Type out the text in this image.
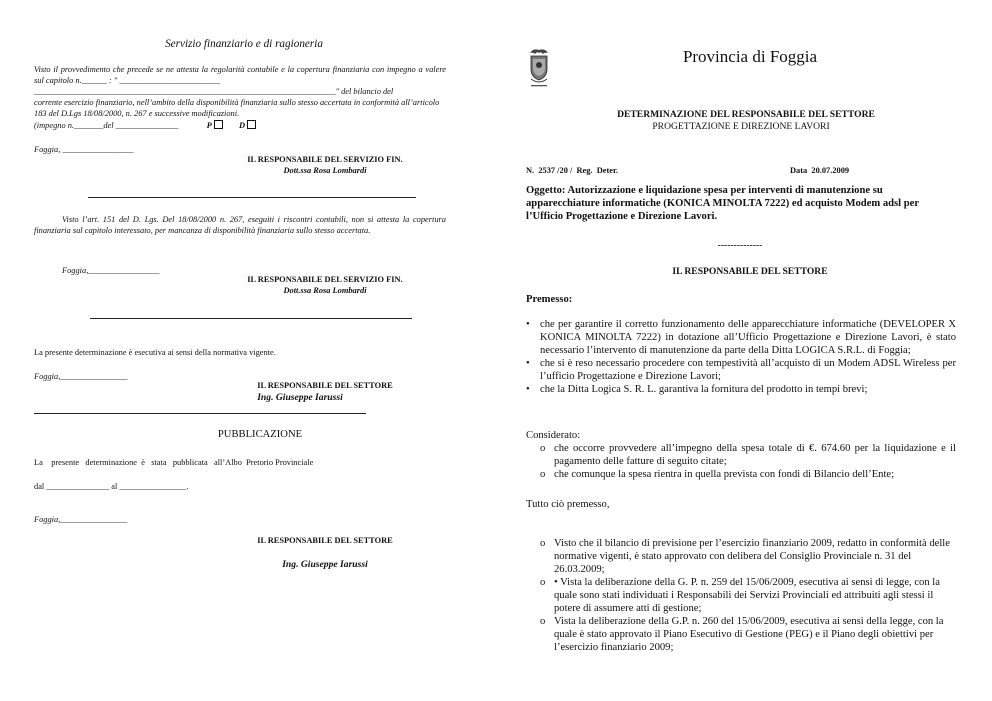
Servizio finanziario e di ragioneria

Visto il provvedimento che precede se ne attesta la regolarità contabile e la copertura finanziaria con impegno a valere sul capitolo n.______ : " ________________________

________________________________________________________________________" del bilancio del

corrente esercizio finanziario, nell’ambito della disponibilità finanziaria sullo stesso accertata in conformità all’articolo 183 del D.Lgs 18/08/2000, n. 267 e successive modificazioni.

(impegno n._______del _______________	P	D

Foggia, _________________

IL RESPONSABILE DEL SERVIZIO FIN.

Dott.ssa Rosa Lombardi

Visto l’art. 151 del D. Lgs. Del 18/08/2000 n. 267, eseguiti i riscontri contabili, non si attesta la copertura finanziaria sul capitolo interessato, per mancanza di disponibilità finanziaria sullo stesso accertata.

Foggia,_________________

IL RESPONSABILE DEL SERVIZIO FIN.

Dott.ssa Rosa Lombardi

La presente determinazione è esecutiva ai sensi della normativa vigente.

Foggia,________________

IL RESPONSABILE DEL SETTORE

Ing. Giuseppe Iarussi

PUBBLICAZIONE

La    presente   determinazione  è   stata   pubblicata   all’Albo  Pretorio Provinciale

dal _______________ al ________________.

Foggia,________________

IL RESPONSABILE DEL SETTORE

Ing. Giuseppe Iarussi

Provincia di Foggia

DETERMINAZIONE DEL RESPONSABILE DEL SETTORE

PROGETTAZIONE E DIREZIONE LAVORI

N.  2537 /20 /  Reg.  Deter.	Data  20.07.2009

Oggetto: Autorizzazione e liquidazione spesa per interventi di manutenzione su apparecchiature informatiche (KONICA MINOLTA 7222) ed acquisto Modem adsl per l’Ufficio Progettazione e Direzione Lavori.

--------------

IL RESPONSABILE DEL SETTORE

Premesso:

• che per garantire il corretto funzionamento delle apparecchiature informatiche (DEVELOPER X KONICA MINOLTA 7222) in dotazione all’Ufficio Progettazione e Direzione Lavori, è stato necessario l’intervento di manutenzione da parte della Ditta LOGICA S.R.L. di Foggia;
• che si è reso necessario procedere con tempestività all’acquisto di un Modem ADSL Wireless per l’ufficio Progettazione e Direzione Lavori;
• che la Ditta Logica S. R. L. garantiva la fornitura del prodotto in tempi brevi;

Considerato:

o che occorre provvedere all’impegno della spesa totale di €. 674.60 per la liquidazione e il pagamento delle fatture di seguito citate;
o che comunque la spesa rientra in quella prevista con fondi di Bilancio dell’Ente;

Tutto ciò premesso,

o Visto che il bilancio di previsione per l’esercizio finanziario 2009, redatto in conformità delle normative vigenti, è stato approvato con delibera del Consiglio Provinciale n. 31 del 26.03.2009;
o • Vista la deliberazione della G. P. n. 259 del 15/06/2009, esecutiva ai sensi di legge, con la quale sono stati individuati i Responsabili dei Servizi Provinciali ed attribuiti agli stessi il potere di assumere atti di gestione;
o Vista la deliberazione della G.P. n. 260 del 15/06/2009, esecutiva ai sensi della legge, con la quale è stato approvato il Piano Esecutivo di Gestione (PEG) e il Piano degli obiettivi per l’esercizio finanziario 2009;
